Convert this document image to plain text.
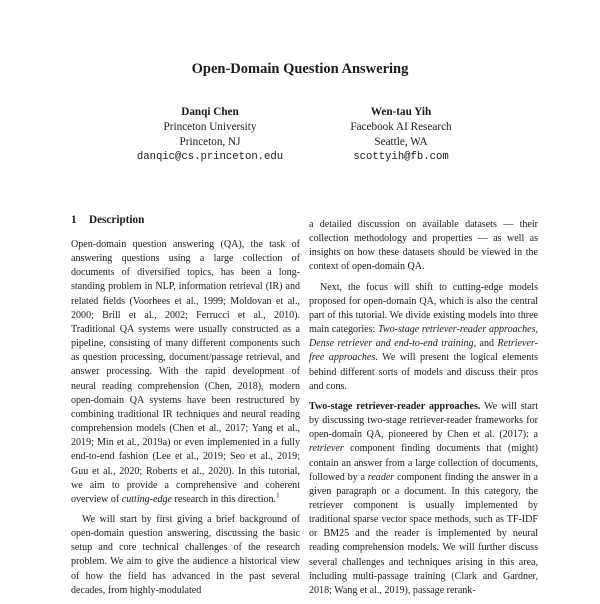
Open-Domain Question Answering
Danqi Chen
Princeton University
Princeton, NJ
danqic@cs.princeton.edu
Wen-tau Yih
Facebook AI Research
Seattle, WA
scottyih@fb.com
1 Description

Open-domain question answering (QA), the task of answering questions using a large collection of documents of diversified topics, has been a long-standing problem in NLP, information retrieval (IR) and related fields (Voorhees et al., 1999; Moldovan et al., 2000; Brill et al., 2002; Ferrucci et al., 2010). Traditional QA systems were usually constructed as a pipeline, consisting of many different components such as question processing, document/passage retrieval, and answer processing. With the rapid development of neural reading comprehension (Chen, 2018), modern open-domain QA systems have been restructured by combining traditional IR techniques and neural reading comprehension models (Chen et al., 2017; Yang et al., 2019; Min et al., 2019a) or even implemented in a fully end-to-end fashion (Lee et al., 2019; Seo et al., 2019; Guu et al., 2020; Roberts et al., 2020). In this tutorial, we aim to provide a comprehensive and coherent overview of cutting-edge research in this direction.$^1$

We will start by first giving a brief background of open-domain question answering, discussing the basic setup and core technical challenges of the research problem. We aim to give the audience a historical view of how the field has advanced in the past several decades, from highly-modulated

a detailed discussion on available datasets — their collection methodology and properties — as well as insights on how these datasets should be viewed in the context of open-domain QA.

Next, the focus will shift to cutting-edge models proposed for open-domain QA, which is also the central part of this tutorial. We divide existing models into three main categories: Two-stage retriever-reader approaches, Dense retriever and end-to-end training, and Retriever-free approaches. We will present the logical elements behind different sorts of models and discuss their pros and cons.

Two-stage retriever-reader approaches. We will start by discussing two-stage retriever-reader frameworks for open-domain QA, pioneered by Chen et al. (2017): a retriever component finding documents that (might) contain an answer from a large collection of documents, followed by a reader component finding the answer in a given paragraph or a document. In this category, the retriever component is usually implemented by traditional sparse vector space methods, such as TF-IDF or BM25 and the reader is implemented by neural reading comprehension models. We will further discuss several challenges and techniques arising in this area, including multi-passage training (Clark and Gardner, 2018; Wang et al., 2019), passage rerank-
